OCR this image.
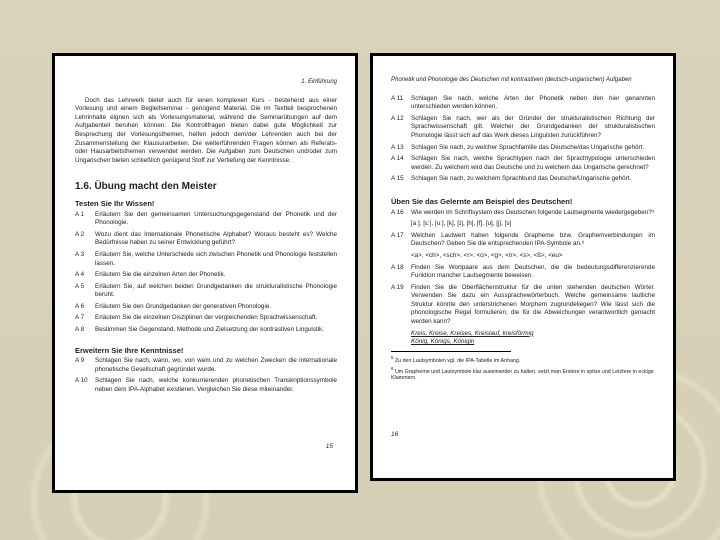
1. Einführung
Doch das Lehrwerk bietet auch für einen komplexen Kurs - bestehend aus einer Vorlesung und einem Begleitseminar - genügend Material. Die im Textteil besprochenen Lehrinhalte eignen sich als Vorlesungsmaterial, während die Seminarübungen auf dem Aufgabenteil beruhen können. Die Kontrollfragen bieten dabei gute Möglichkeit zur Besprechung der Vorlesungsthemen, helfen jedoch dem/der Lehrenden auch bei der Zusammenstellung der Klausurarbeiten. Die weiterführenden Fragen können als Referats- oder Hausarbeitsthemen verwendet werden. Die Aufgaben zum Deutschen und/oder zum Ungarischen bieten schließlich genügend Stoff zur Vertiefung der Kenntnisse.
1.6. Übung macht den Meister
Testen Sie Ihr Wissen!
A 1	Erläutern Sie den gemeinsamen Untersuchungsgegenstand der Phonetik und der Phonologie.
A 2	Wozu dient das Internationale Phonetische Alphabet? Woraus besteht es? Welche Bedürfnisse haben zu seiner Entwicklung geführt?
A 3	Erläutern Sie, welche Unterschiede sich zwischen Phonetik und Phonologie feststellen lassen.
A 4	Erläutern Sie die einzelnen Arten der Phonetik.
A 5	Erläutern Sie, auf welchen beiden Grundgedanken die strukturalistische Phonologie beruht.
A 6	Erläutern Sie den Grundgedanken der generativen Phonologie.
A 7	Erläutern Sie die einzelnen Disziplinen der vergleichenden Sprachwissenschaft.
A 8	Bestimmen Sie Gegenstand, Methode und Zielsetzung der kontrastiven Linguistik.
Erweitern Sie Ihre Kenntnisse!
A 9	Schlagen Sie nach, wann, wo, von wem und zu welchen Zwecken die internationale phonetische Gesellschaft gegründet wurde.
A 10	Schlagen Sie nach, welche konkurrierenden phonetischen Transkriptionssymbole neben dem IPA-Alphabet existieren. Vergleichen Sie diese miteinander.
15
Phonetik und Phonologie des Deutschen mit kontrastiven (deutsch-ungarischen) Aufgaben
A 11	Schlagen Sie nach, welche Arten der Phonetik neben den hier genannten unterschieden werden können.
A 12	Schlagen Sie nach, wer als der Gründer der strukturalistischen Richtung der Sprachwissenschaft gilt. Welcher der Grundgedanken der strukturalistischen Phonologie lässt sich auf das Werk dieses Linguisten zurückführen?
A 13	Schlagen Sie nach, zu welcher Sprachfamilie das Deutsche/das Ungarische gehört.
A 14	Schlagen Sie nach, welche Sprachtypen nach der Sprachtypologie unterschieden werden. Zu welchem wird das Deutsche und zu welchem das Ungarische gerechnet?
A 15	Schlagen Sie nach, zu welchem Sprachbund das Deutsche/Ungarische gehört.
Üben Sie das Gelernte am Beispiel des Deutschen!
A 16	Wie werden im Schriftsystem des Deutschen folgende Lautsegmente wiedergegeben?⁵
[aː], [ɛː], [uː], [k], [ɪ], [h], [f], [u], [j], [s]
A 17	Welchen Lautwert haben folgende Grapheme bzw. Graphemverbindungen im Deutschen? Geben Sie die entsprechenden IPA-Symbole an.⁶
<a>, <ch>, <sch>, <r>, <o>, <g>, <n>, <s>, <ß>, <eu>
A 18	Finden Sie Wortpaare aus dem Deutschen, die die bedeutungsdifferenzierende Funktion mancher Lautsegmente beweisen.
A 19	Finden Sie die Oberflächenstruktur für die unten stehenden deutschen Wörter. Verwenden Sie dazu ein Aussprachewörterbuch. Welche gemeinsame lautliche Struktur könnte den unterstrichenen Morphem zugrundeliegen? Wie lässt sich die phonologische Regel formulieren, die für die Abweichungen verantwortlich gemacht werden kann?
Kreis, Kreise, Kreises, Kreislauf, kreisförmig
König, Königs, Königin
$^5$ Zu den Lautsymbolen vgl. die IPA-Tabelle im Anhang.
$^6$ Um Grapheme und Lautsymbole klar auseinander zu halten, setzt man Erstere in spitze und Letztere in eckige Klammern.
16
